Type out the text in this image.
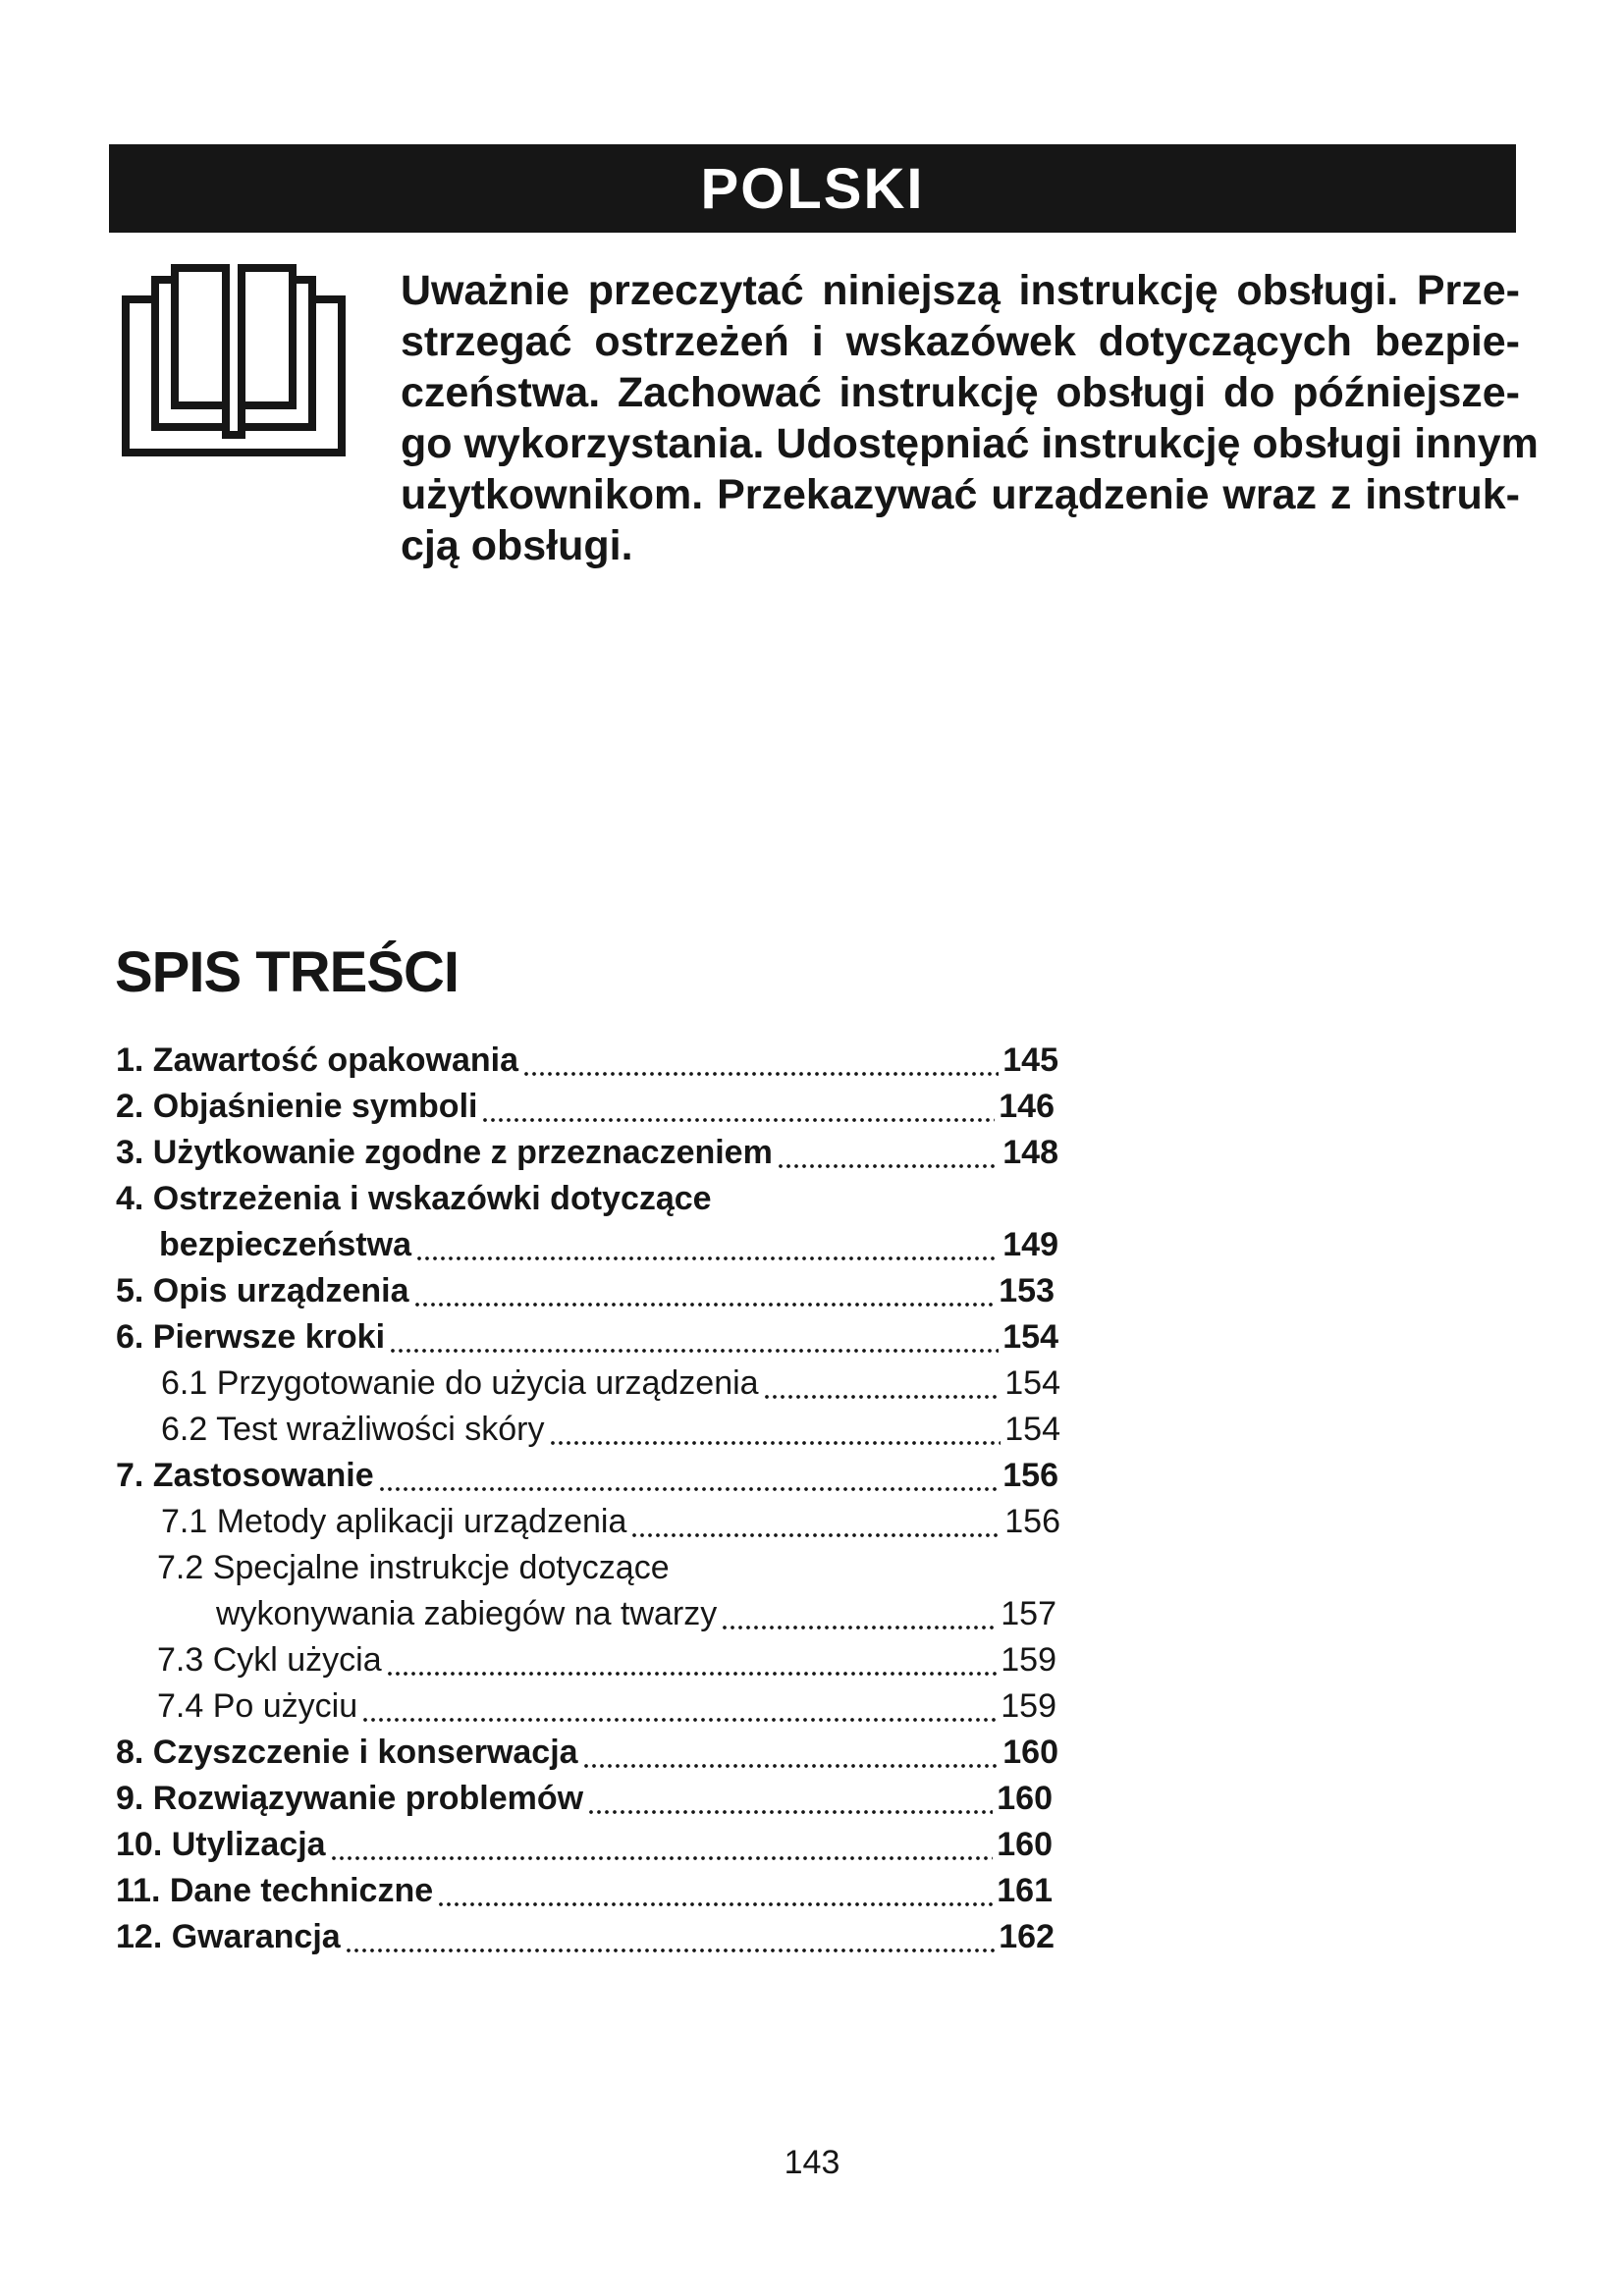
POLSKI
Uważnie przeczytać niniejszą instrukcję obsługi. Prze-
strzegać ostrzeżeń i wskazówek dotyczących bezpie-
czeństwa. Zachować instrukcję obsługi do późniejsze-
go wykorzystania. Udostępniać instrukcję obsługi innym
użytkownikom. Przekazywać urządzenie wraz z instruk-
cją obsługi.
SPIS TREŚCI
1. Zawartość opakowania	145
2. Objaśnienie symboli	146
3. Użytkowanie zgodne z przeznaczeniem	148
4. Ostrzeżenia i wskazówki dotyczące
bezpieczeństwa	149
5. Opis urządzenia	153
6. Pierwsze kroki	154
6.1 Przygotowanie do użycia urządzenia	154
6.2 Test wrażliwości skóry	154
7. Zastosowanie	156
7.1 Metody aplikacji urządzenia	156
7.2 Specjalne instrukcje dotyczące
wykonywania zabiegów na twarzy	157
7.3 Cykl użycia	159
7.4 Po użyciu	159
8. Czyszczenie i konserwacja	160
9. Rozwiązywanie problemów	160
10. Utylizacja	160
11. Dane techniczne	161
12. Gwarancja	162
143
